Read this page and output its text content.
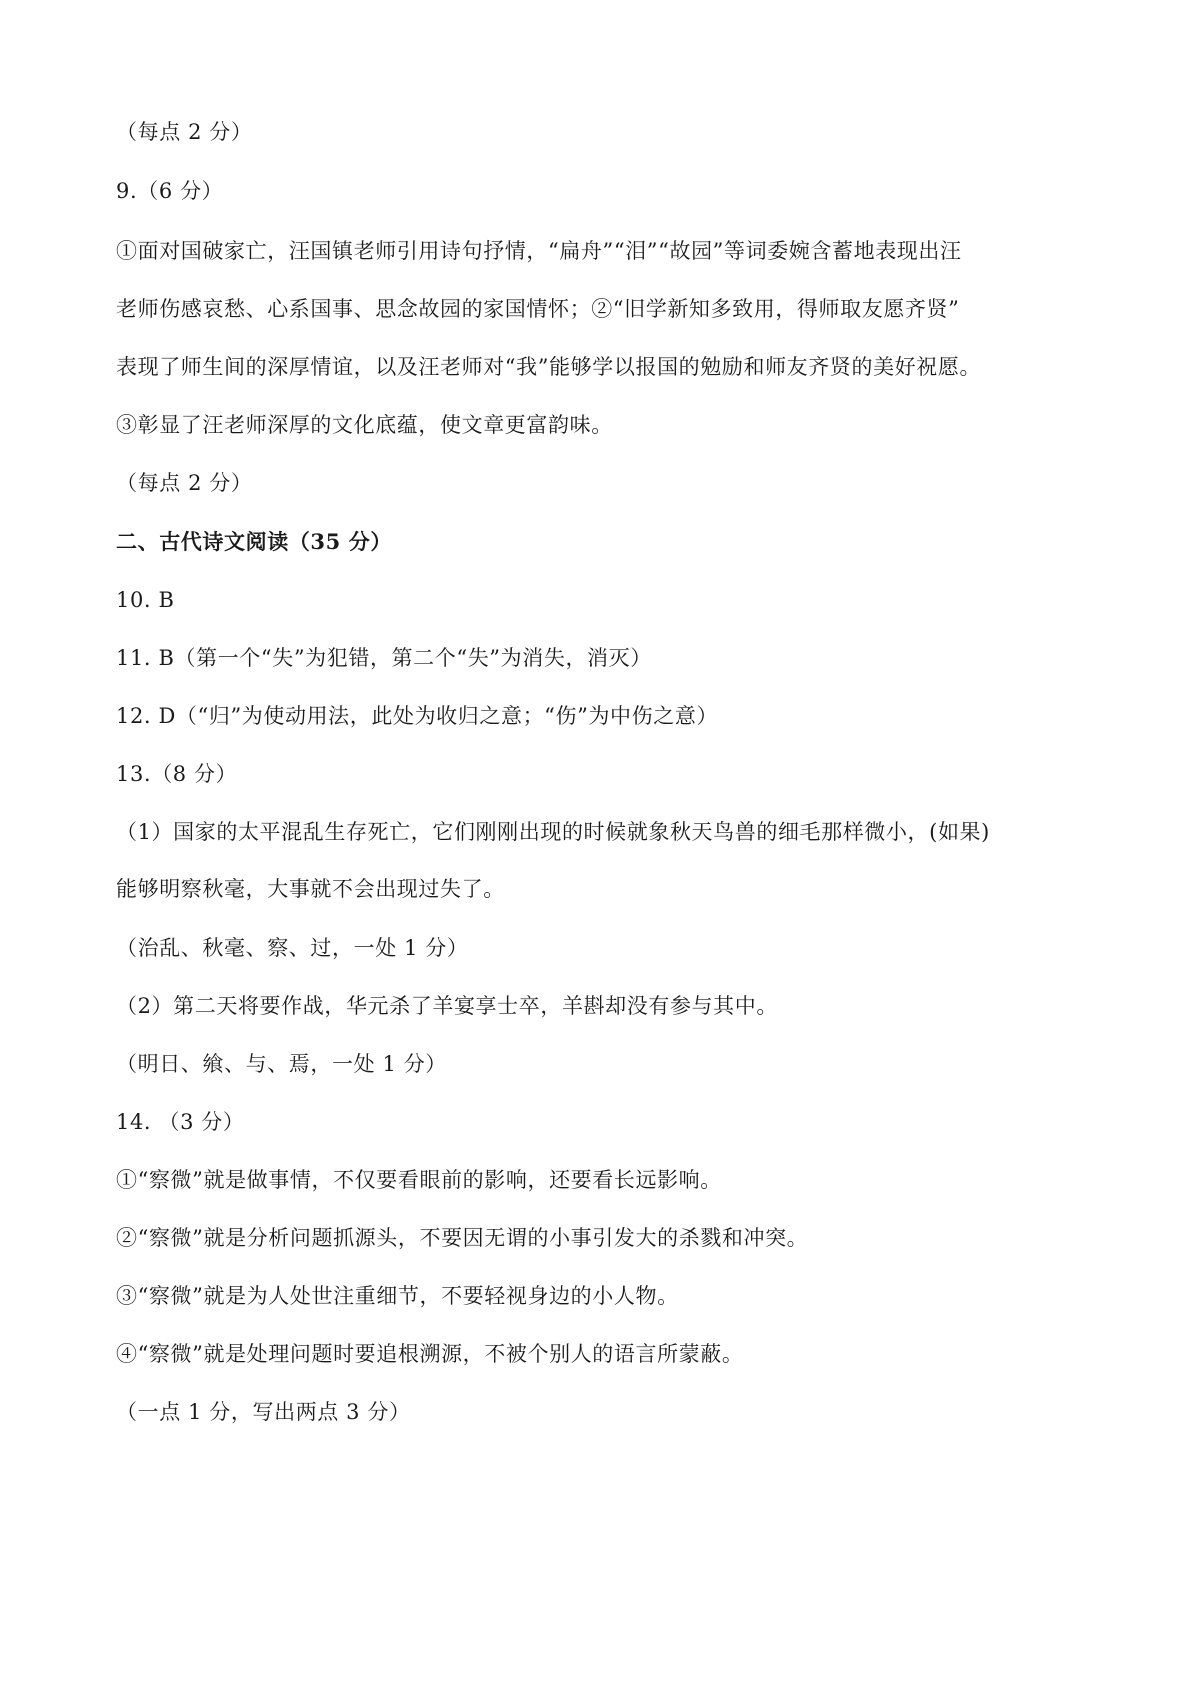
（每点 2 分）
9.（6 分）
①面对国破家亡，汪国镇老师引用诗句抒情，“扁舟”“泪”“故园”等词委婉含蓄地表现出汪
老师伤感哀愁、心系国事、思念故园的家国情怀；②“旧学新知多致用，得师取友愿齐贤”
表现了师生间的深厚情谊，以及汪老师对“我”能够学以报国的勉励和师友齐贤的美好祝愿。
③彰显了汪老师深厚的文化底蕴，使文章更富韵味。
（每点 2 分）
二、古代诗文阅读（35 分）
10. B
11. B（第一个“失”为犯错，第二个“失”为消失，消灭）
12. D（“归”为使动用法，此处为收归之意；“伤”为中伤之意）
13.（8 分）
（1）国家的太平混乱生存死亡，它们刚刚出现的时候就象秋天鸟兽的细毛那样微小，(如果)
能够明察秋毫，大事就不会出现过失了。
（治乱、秋毫、察、过，一处 1 分）
（2）第二天将要作战，华元杀了羊宴享士卒，羊斟却没有参与其中。
（明日、飨、与、焉，一处 1 分）
14. （3 分）
①“察微”就是做事情，不仅要看眼前的影响，还要看长远影响。
②“察微”就是分析问题抓源头，不要因无谓的小事引发大的杀戮和冲突。
③“察微”就是为人处世注重细节，不要轻视身边的小人物。
④“察微”就是处理问题时要追根溯源，不被个别人的语言所蒙蔽。
（一点 1 分，写出两点 3 分）
